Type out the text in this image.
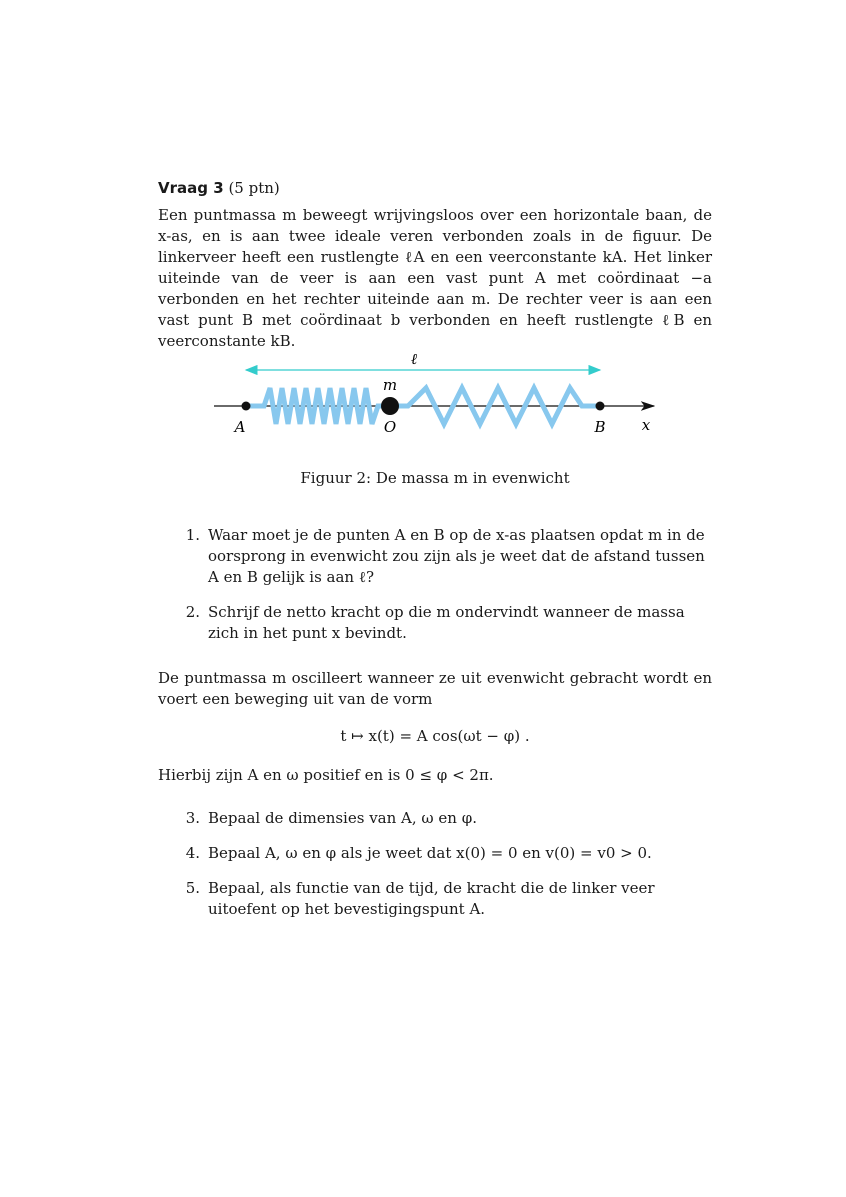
Vraag 3 (5 ptn)

Een puntmassa m beweegt wrijvingsloos over een horizontale baan, de x-as, en is aan twee ideale veren verbonden zoals in de figuur. De linkerveer heeft een rustlengte ℓA en een veerconstante kA. Het linker uiteinde van de veer is aan een vast punt A met coördinaat −a verbonden en het rechter uiteinde aan m. De rechter veer is aan een vast punt B met coördinaat b verbonden en heeft rustlengte ℓB en veerconstante kB.

ℓ
m
A	O	B x

Figuur 2: De massa m in evenwicht

1. Waar moet je de punten A en B op de x-as plaatsen opdat m in de oorsprong in evenwicht zou zijn als je weet dat de afstand tussen A en B gelijk is aan ℓ?
2. Schrijf de netto kracht op die m ondervindt wanneer de massa zich in het punt x bevindt.

De puntmassa m oscilleert wanneer ze uit evenwicht gebracht wordt en voert een beweging uit van de vorm

t ↦ x(t) = A cos(ωt − φ) .

Hierbij zijn A en ω positief en is 0 ≤ φ < 2π.

3. Bepaal de dimensies van A, ω en φ.
4. Bepaal A, ω en φ als je weet dat x(0) = 0 en v(0) = v0 > 0.
5. Bepaal, als functie van de tijd, de kracht die de linker veer uitoefent op het bevestigingspunt A.
